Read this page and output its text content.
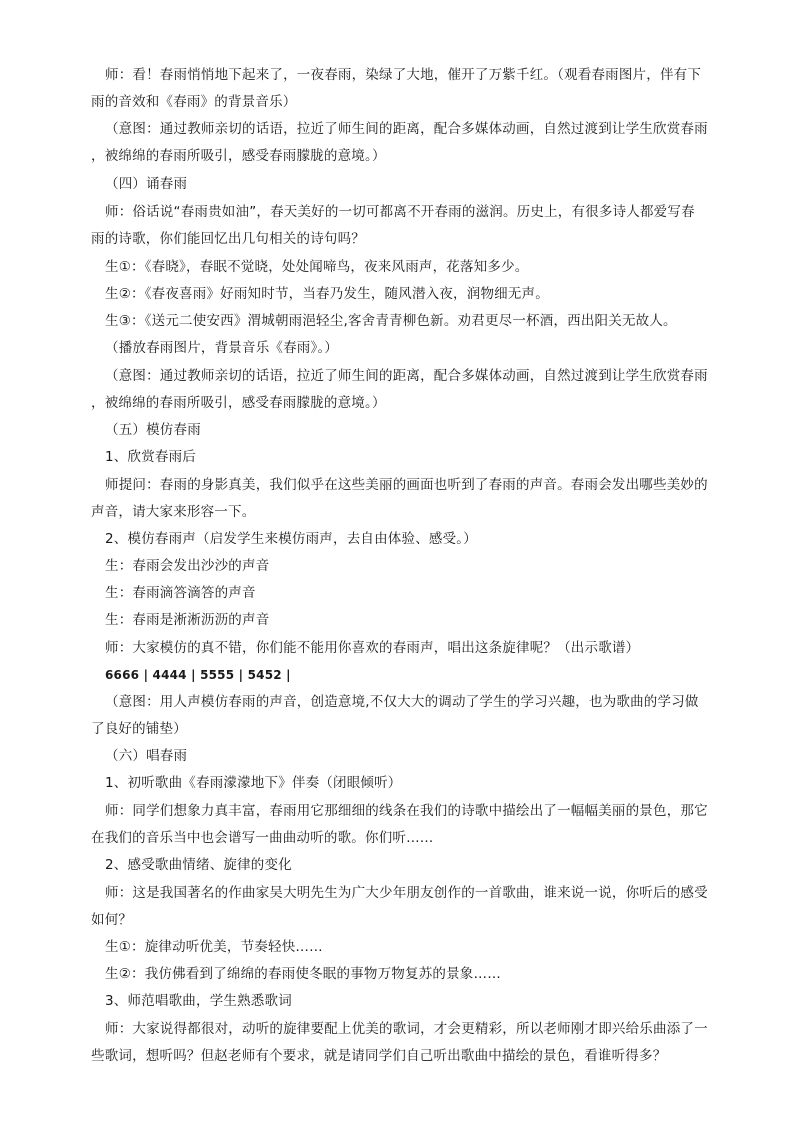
师：看！春雨悄悄地下起来了，一夜春雨，染绿了大地，催开了万紫千红。（观看春雨图片，伴有下
雨的音效和《春雨》的背景音乐）
（意图：通过教师亲切的话语，拉近了师生间的距离，配合多媒体动画，自然过渡到让学生欣赏春雨
，被绵绵的春雨所吸引，感受春雨朦胧的意境。）
（四）诵春雨
师：俗话说“春雨贵如油”，春天美好的一切可都离不开春雨的滋润。历史上，有很多诗人都爱写春
雨的诗歌，你们能回忆出几句相关的诗句吗？
生①：《春晓》，春眠不觉晓，处处闻啼鸟，夜来风雨声，花落知多少。
生②：《春夜喜雨》好雨知时节，当春乃发生，随风潜入夜，润物细无声。
生③：《送元二使安西》渭城朝雨浥轻尘,客舍青青柳色新。劝君更尽一杯酒，西出阳关无故人。
（播放春雨图片，背景音乐《春雨》。）
（意图：通过教师亲切的话语，拉近了师生间的距离，配合多媒体动画，自然过渡到让学生欣赏春雨
，被绵绵的春雨所吸引，感受春雨朦胧的意境。）
（五）模仿春雨
1、欣赏春雨后
师提问：春雨的身影真美，我们似乎在这些美丽的画面也听到了春雨的声音。春雨会发出哪些美妙的
声音，请大家来形容一下。
2、模仿春雨声（启发学生来模仿雨声，去自由体验、感受。）
生：春雨会发出沙沙的声音
生：春雨滴答滴答的声音
生：春雨是淅淅沥沥的声音
师：大家模仿的真不错，你们能不能用你喜欢的春雨声，唱出这条旋律呢？（出示歌谱）
6666 | 4444 | 5555 | 5452 |
（意图：用人声模仿春雨的声音，创造意境,不仅大大的调动了学生的学习兴趣，也为歌曲的学习做
了良好的铺垫）
（六）唱春雨
1、初听歌曲《春雨濛濛地下》伴奏（闭眼倾听）
师：同学们想象力真丰富，春雨用它那细细的线条在我们的诗歌中描绘出了一幅幅美丽的景色，那它
在我们的音乐当中也会谱写一曲曲动听的歌。你们听……
2、感受歌曲情绪、旋律的变化
师：这是我国著名的作曲家吴大明先生为广大少年朋友创作的一首歌曲，谁来说一说，你听后的感受
如何？
生①：旋律动听优美，节奏轻快……
生②：我仿佛看到了绵绵的春雨使冬眠的事物万物复苏的景象……
3、师范唱歌曲，学生熟悉歌词
师：大家说得都很对，动听的旋律要配上优美的歌词，才会更精彩，所以老师刚才即兴给乐曲添了一
些歌词，想听吗？但赵老师有个要求，就是请同学们自己听出歌曲中描绘的景色，看谁听得多？
